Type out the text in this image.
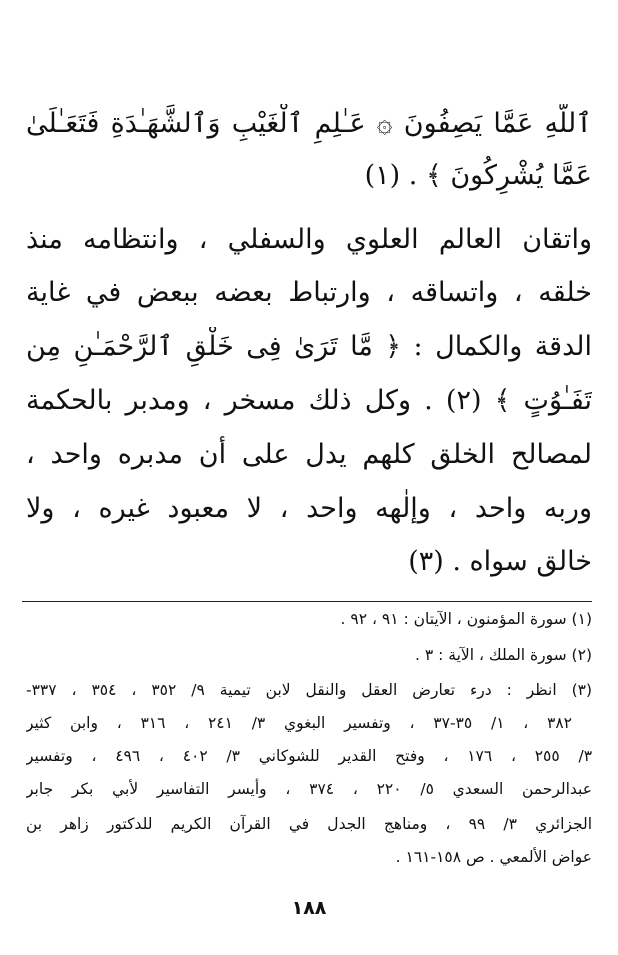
ٱللَّهِ عَمَّا يَصِفُونَ ۞ عَـٰلِمِ ٱلْغَيْبِ وَٱلشَّهَـٰدَةِ فَتَعَـٰلَىٰ
عَمَّا يُشْرِكُونَ ﴾ . (١)
واتقان العالم العلوي والسفلي ، وانتظامه منذ
خلقه ، واتساقه ، وارتباط بعضه ببعض في غاية
الدقة والكمال : ﴿ مَّا تَرَىٰ فِى خَلْقِ ٱلرَّحْمَـٰنِ مِن
تَفَـٰوُتٍ ﴾ (٢) . وكل ذلك مسخر ، ومدبر بالحكمة
لمصالح الخلق كلهم يدل على أن مدبره واحد ،
وربه واحد ، وإلٰهه واحد ، لا معبود غيره ، ولا
خالق سواه . (٣)
(١) سورة المؤمنون ، الآيتان : ٩١ ، ٩٢ .
(٢) سورة الملك ، الآية : ٣ .
(٣) انظر : درء تعارض العقل والنقل لابن تيمية ٩/ ٣٥٢ ، ٣٥٤ ، ٣٣٧-
٣٨٢ ، ١/ ٣٥-٣٧ ، وتفسير البغوي ٣/ ٢٤١ ، ٣١٦ ، وابن كثير
٣/ ٢٥٥ ، ١٧٦ ، وفتح القدير للشوكاني ٣/ ٤٠٢ ، ٤٩٦ ، وتفسير
عبدالرحمن السعدي ٥/ ٢٢٠ ، ٣٧٤ ، وأيسر التفاسير لأبي بكر جابر
الجزائري ٣/ ٩٩ ، ومناهج الجدل في القرآن الكريم للدكتور زاهر بن
عواض الألمعي . ص ١٥٨-١٦١ .
١٨٨
